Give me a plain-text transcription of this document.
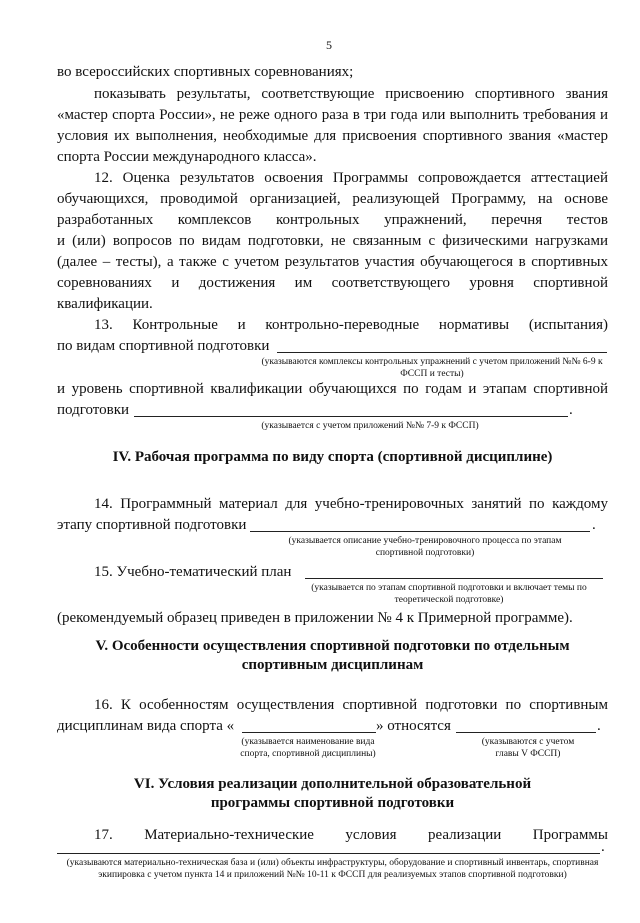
5
во всероссийских спортивных соревнованиях;
показывать результаты, соответствующие присвоению спортивного звания
«мастер спорта России», не реже одного раза в три года или выполнить требования и
условия их выполнения, необходимые для присвоения спортивного звания «мастер
спорта России международного класса».
12. Оценка результатов освоения Программы сопровождается аттестацией
обучающихся, проводимой организацией, реализующей Программу, на основе
разработанных комплексов контрольных упражнений, перечня тестов
и (или) вопросов по видам подготовки, не связанным с физическими нагрузками
(далее – тесты), а также с учетом результатов участия обучающегося в спортивных
соревнованиях и достижения им соответствующего уровня спортивной
квалификации.
13. Контрольные и контрольно-переводные нормативы (испытания)
по видам спортивной подготовки
(указываются комплексы контрольных упражнений с учетом приложений №№ 6-9 к ФССП и тесты)
и уровень спортивной квалификации обучающихся по годам и этапам спортивной
подготовки	.
(указывается с учетом приложений №№ 7-9 к ФССП)
IV. Рабочая программа по виду спорта (спортивной дисциплине)
14. Программный материал для учебно-тренировочных занятий по каждому
этапу спортивной подготовки	.
(указывается описание учебно-тренировочного процесса по этапам спортивной подготовки)
15. Учебно-тематический план
(указывается по этапам спортивной подготовки и включает темы по теоретической подготовке)
(рекомендуемый образец приведен в приложении № 4 к Примерной программе).
V. Особенности осуществления спортивной подготовки по отдельным спортивным дисциплинам
16. К особенностям осуществления спортивной подготовки по спортивным
дисциплинам вида спорта «	» относятся	.
(указывается наименование вида спорта, спортивной дисциплины)
(указываются с учетом главы V ФССП)
VI. Условия реализации дополнительной образовательной программы спортивной подготовки
17. Материально-технические условия реализации Программы
.
(указываются материально-техническая база и (или) объекты инфраструктуры, оборудование и спортивный инвентарь, спортивная экипировка с учетом пункта 14 и приложений №№ 10-11 к ФССП для реализуемых этапов спортивной подготовки)
